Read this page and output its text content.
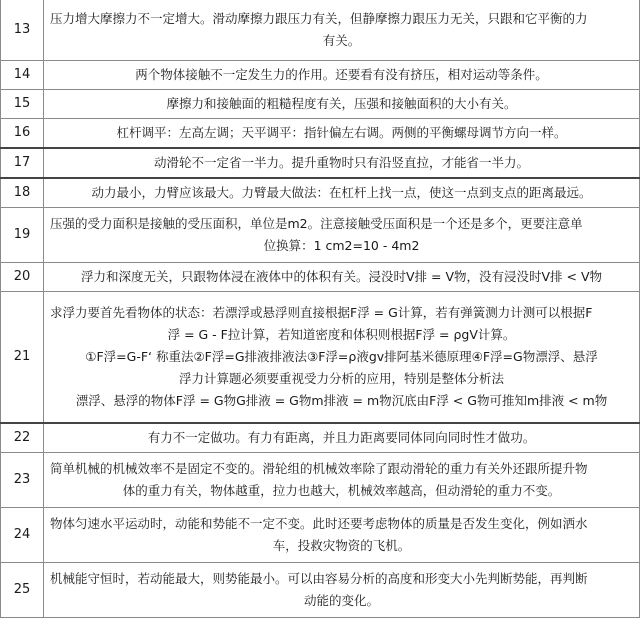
13	压力增大摩擦力不一定增大。滑动摩擦力跟压力有关，但静摩擦力跟压力无关，只跟和它平衡的力
有关。

14	两个物体接触不一定发生力的作用。还要看有没有挤压，相对运动等条件。
15	摩擦力和接触面的粗糙程度有关，压强和接触面积的大小有关。
16	杠杆调平：左高左调；天平调平：指针偏左右调。两侧的平衡螺母调节方向一样。
17	动滑轮不一定省一半力。提升重物时只有沿竖直拉，才能省一半力。
18	动力最小，力臂应该最大。力臂最大做法：在杠杆上找一点，使这一点到支点的距离最远。
19	压强的受力面积是接触的受压面积，单位是m2。注意接触受压面积是一个还是多个，更要注意单
位换算：1 cm2=10 - 4m2

20	浮力和深度无关，只跟物体浸在液体中的体积有关。浸没时V排 = V物，没有浸没时V排 < V物
21	求浮力要首先看物体的状态：若漂浮或悬浮则直接根据F浮 = G计算，若有弹簧测力计测可以根据F
浮 = G - F拉计算，若知道密度和体积则根据F浮 = ρgV计算。
①F浮=G-F‘ 称重法②F浮=G排液排液法③F浮=ρ液gv排阿基米德原理④F浮=G物漂浮、悬浮
浮力计算题必须要重视受力分析的应用，特别是整体分析法
漂浮、悬浮的物体F浮 = G物G排液 = G物m排液 = m物沉底由F浮 < G物可推知m排液 < m物

22	有力不一定做功。有力有距离，并且力距离要同体同向同时性才做功。
23	简单机械的机械效率不是固定不变的。滑轮组的机械效率除了跟动滑轮的重力有关外还跟所提升物
体的重力有关，物体越重，拉力也越大，机械效率越高，但动滑轮的重力不变。

24	物体匀速水平运动时，动能和势能不一定不变。此时还要考虑物体的质量是否发生变化，例如洒水
车，投救灾物资的飞机。

25	机械能守恒时，若动能最大，则势能最小。可以由容易分析的高度和形变大小先判断势能，再判断
动能的变化。
